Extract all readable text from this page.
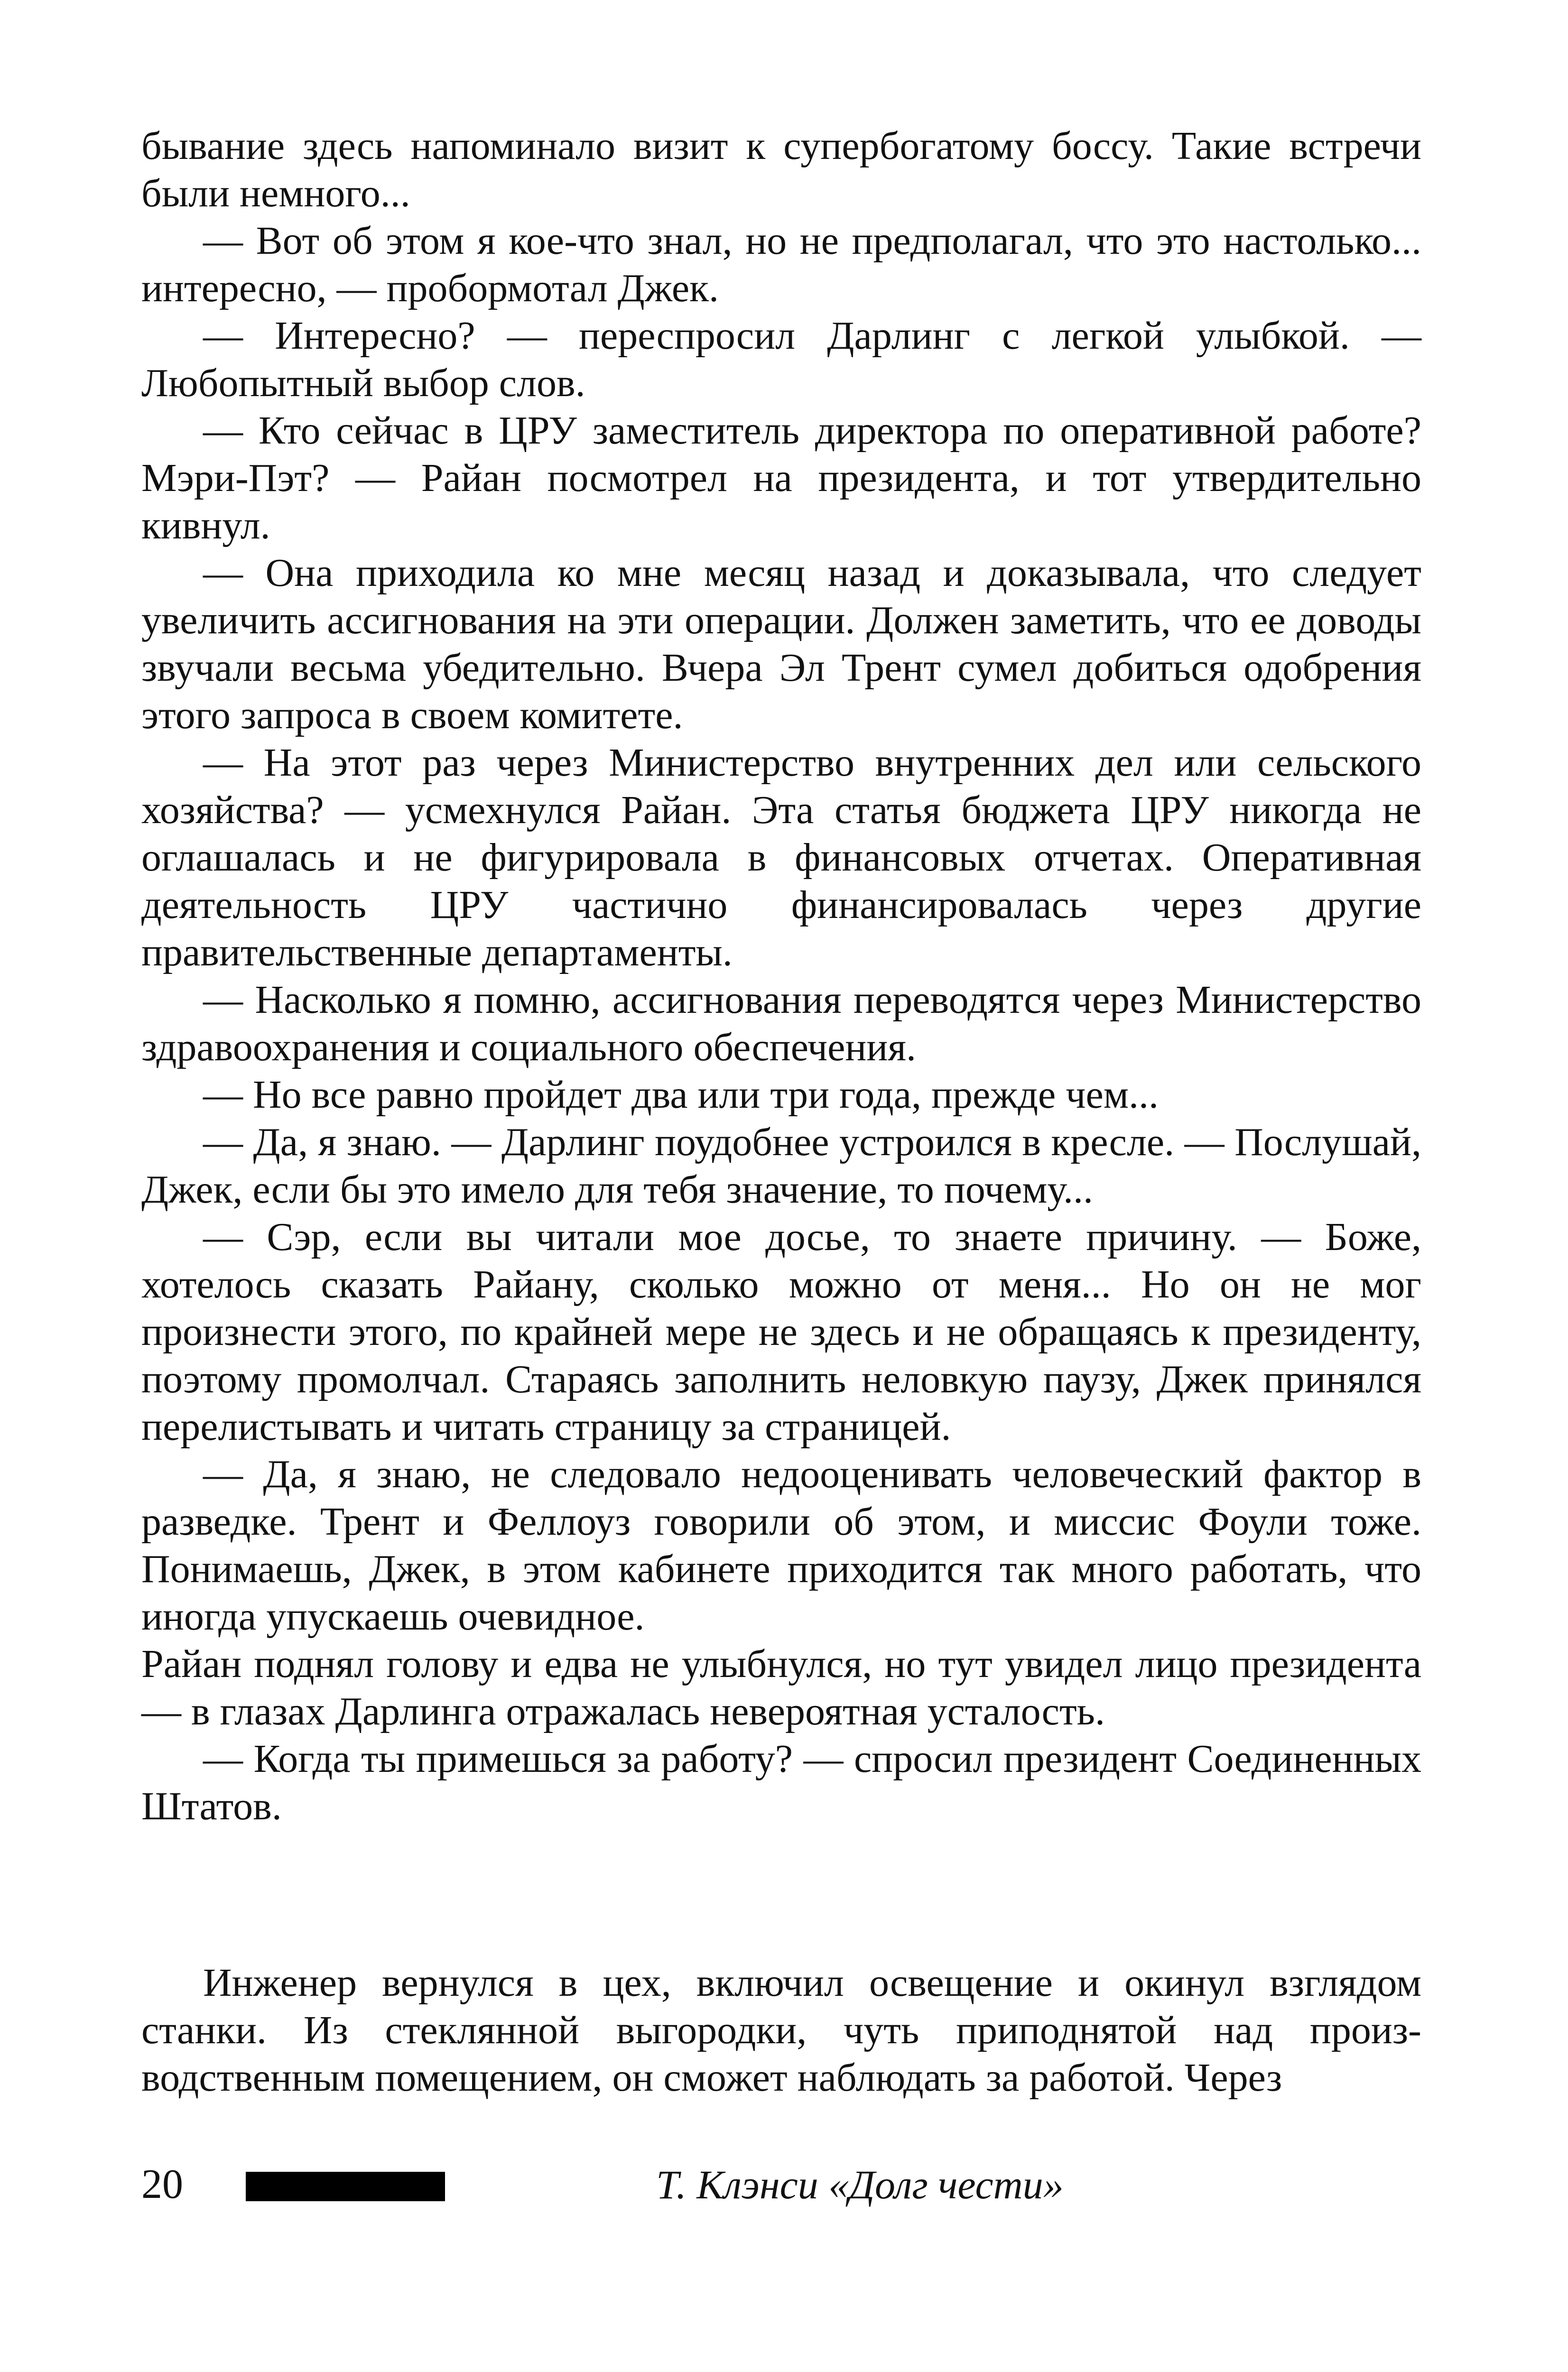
бывание здесь напоминало визит к супербогатому боссу. Такие встречи были немного...

— Вот об этом я кое-что знал, но не предполагал, что это настолько... интересно, — пробормотал Джек.

— Интересно? — переспросил Дарлинг с легкой улыбкой. — Любопытный выбор слов.

— Кто сейчас в ЦРУ заместитель директора по оперативной работе? Мэри-Пэт? — Райан посмотрел на президента, и тот утвердительно кивнул.

— Она приходила ко мне месяц назад и доказывала, что следует увеличить ассигнования на эти операции. Должен заметить, что ее доводы звучали весьма убедительно. Вчера Эл Трент сумел добиться одобрения этого запроса в своем комитете.

— На этот раз через Министерство внутренних дел или сельского хозяйства? — усмехнулся Райан. Эта статья бюджета ЦРУ никогда не оглашалась и не фигурировала в финансовых отчетах. Оперативная деятельность ЦРУ частично финансировалась через другие правительственные департаменты.

— Насколько я помню, ассигнования переводятся через Министерство здравоохранения и социального обеспечения.

— Но все равно пройдет два или три года, прежде чем...

— Да, я знаю. — Дарлинг поудобнее устроился в кресле. — Послушай, Джек, если бы это имело для тебя значение, то почему...

— Сэр, если вы читали мое досье, то знаете причину. — Боже, хотелось сказать Райану, сколько можно от меня... Но он не мог произнести этого, по крайней мере не здесь и не обращаясь к президенту, поэтому промолчал. Стараясь заполнить неловкую паузу, Джек принялся перелистывать и читать страницу за страницей.

— Да, я знаю, не следовало недооценивать человеческий фактор в разведке. Трент и Феллоуз говорили об этом, и миссис Фоули тоже. Понимаешь, Джек, в этом кабинете приходится так много работать, что иногда упускаешь очевидное.

Райан поднял голову и едва не улыбнулся, но тут увидел лицо президента — в глазах Дарлинга отражалась невероятная усталость.

— Когда ты примешься за работу? — спросил президент Соединенных Штатов.

Инженер вернулся в цех, включил освещение и окинул взглядом станки. Из стеклянной выгородки, чуть приподнятой над производственным помещением, он сможет наблюдать за работой. Через

20	Т. Клэнси «Долг чести»
